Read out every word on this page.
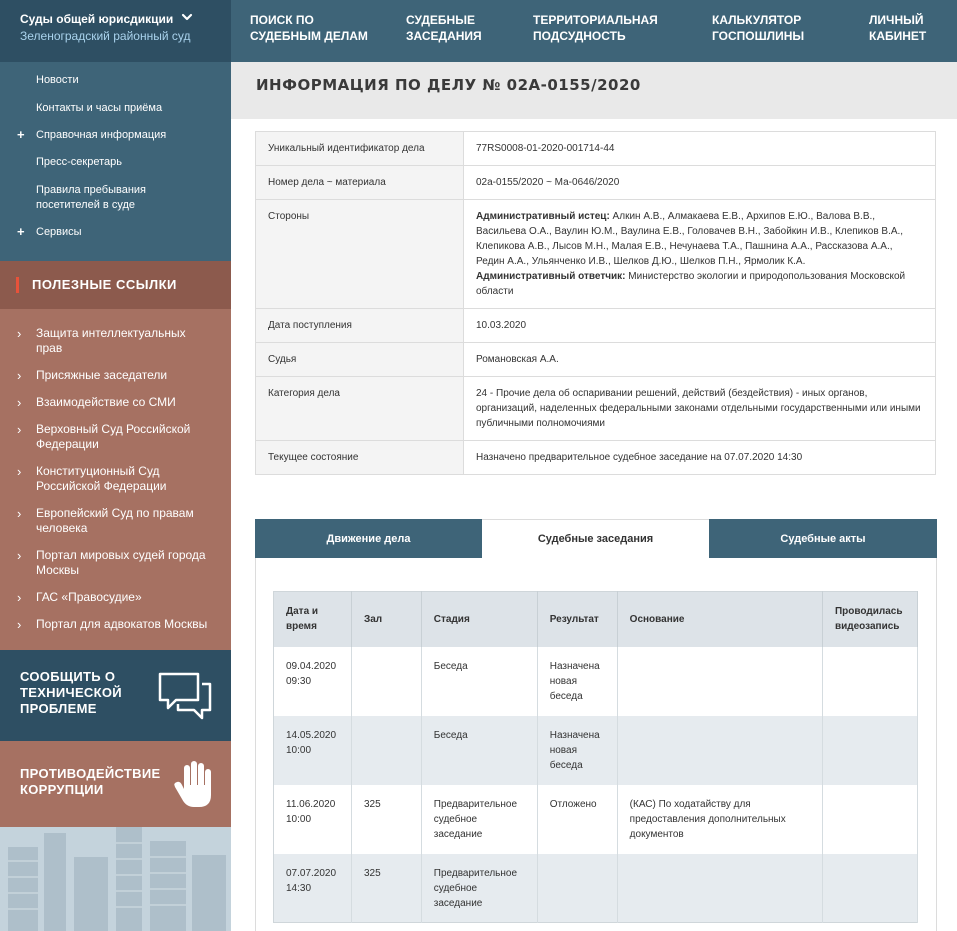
Суды общей юрисдикции
Зеленоградский районный суд
ПОИСК ПО
СУДЕБНЫМ ДЕЛАМ
СУДЕБНЫЕ
ЗАСЕДАНИЯ
ТЕРРИТОРИАЛЬНАЯ
ПОДСУДНОСТЬ
КАЛЬКУЛЯТОР
ГОСПОШЛИНЫ
ЛИЧНЫЙ
КАБИНЕТ
Новости
Контакты и часы приёма
+ Справочная информация
Пресс-секретарь
Правила пребывания посетителей в суде
+ Сервисы
ПОЛЕЗНЫЕ ССЫЛКИ
› Защита интеллектуальных прав
› Присяжные заседатели
› Взаимодействие со СМИ
› Верховный Суд Российской Федерации
› Конституционный Суд Российской Федерации
› Европейский Суд по правам человека
› Портал мировых судей города Москвы
› ГАС «Правосудие»
› Портал для адвокатов Москвы
СООБЩИТЬ О ТЕХНИЧЕСКОЙ ПРОБЛЕМЕ
ПРОТИВОДЕЙСТВИЕ КОРРУПЦИИ
ИНФОРМАЦИЯ ПО ДЕЛУ № 02А-0155/2020
Уникальный идентификатор дела	77RS0008-01-2020-001714-44
Номер дела ~ материала	02а-0155/2020 ~ Ма-0646/2020
Стороны	Административный истец: Алкин А.В., Алмакаева Е.В., Архипов Е.Ю., Валова В.В., Васильева О.А., Ваулин Ю.М., Ваулина Е.В., Головачев В.Н., Забойкин И.В., Клепиков В.А., Клепикова А.В., Лысов М.Н., Малая Е.В., Нечунаева Т.А., Пашнина А.А., Рассказова А.А., Редин А.А., Ульянченко И.В., Шелков Д.Ю., Шелков П.Н., Ярмолик К.А.
Административный ответчик: Министерство экологии и природопользования Московской области
Дата поступления	10.03.2020
Судья	Романовская А.А.
Категория дела	24 - Прочие дела об оспаривании решений, действий (бездействия) - иных органов, организаций, наделенных федеральными законами отдельными государственными или иными публичными полномочиями
Текущее состояние	Назначено предварительное судебное заседание на 07.07.2020 14:30
Движение дела	Судебные заседания	Судебные акты
Дата и время	Зал	Стадия	Результат	Основание	Проводилась видеозапись
09.04.2020 09:30		Беседа	Назначена новая беседа		
14.05.2020 10:00		Беседа	Назначена новая беседа		
11.06.2020 10:00	325	Предварительное судебное заседание	Отложено	(КАС) По ходатайству для предоставления дополнительных документов	
07.07.2020 14:30	325	Предварительное судебное заседание			
